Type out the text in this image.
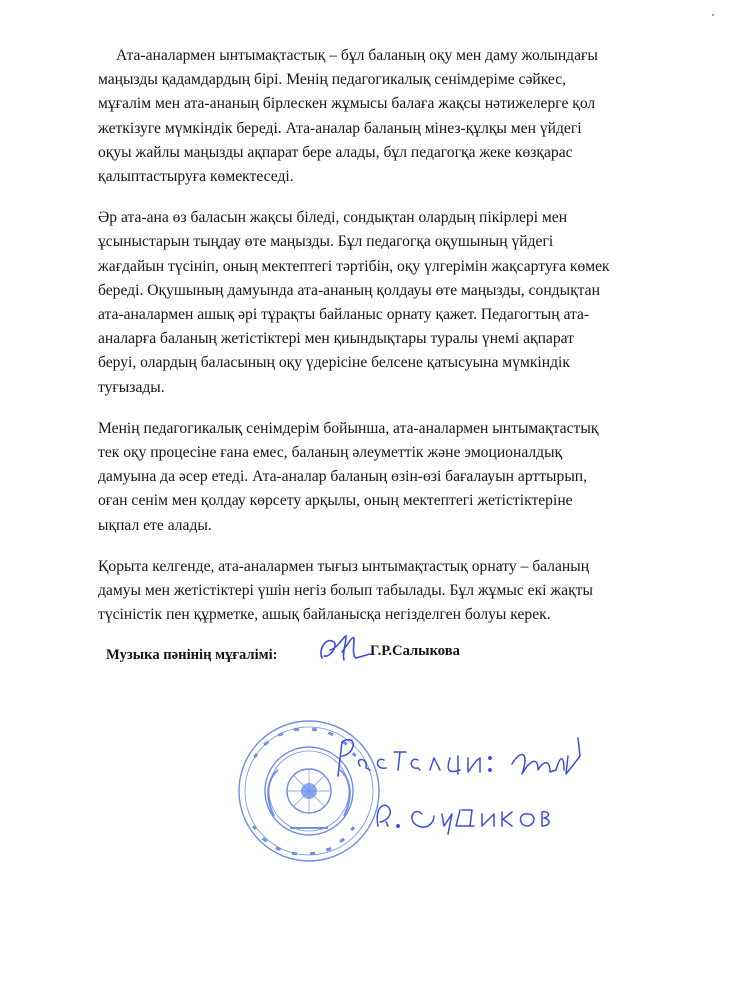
Ата-аналармен ынтымақтастық – бұл баланың оқу мен даму жолындағы
маңызды қадамдардың бірі. Менің педагогикалық сенімдеріме сәйкес,
мұғалім мен ата-ананың бірлескен жұмысы балаға жақсы нәтижелерге қол
жеткізуге мүмкіндік береді. Ата-аналар баланың мінез-құлқы мен үйдегі
оқуы жайлы маңызды ақпарат бере алады, бұл педагогқа жеке көзқарас
қалыптастыруға көмектеседі.

Әр ата-ана өз баласын жақсы біледі, сондықтан олардың пікірлері мен
ұсыныстарын тыңдау өте маңызды. Бұл педагогқа оқушының үйдегі
жағдайын түсініп, оның мектептегі тәртібін, оқу үлгерімін жақсартуға көмек
береді. Оқушының дамуында ата-ананың қолдауы өте маңызды, сондықтан
ата-аналармен ашық әрі тұрақты байланыс орнату қажет. Педагогтың ата-
аналарға баланың жетістіктері мен қиындықтары туралы үнемі ақпарат
беруі, олардың баласының оқу үдерісіне белсене қатысуына мүмкіндік
туғызады.

Менің педагогикалық сенімдерім бойынша, ата-аналармен ынтымақтастық
тек оқу процесіне ғана емес, баланың әлеуметтік және эмоционалдық
дамуына да әсер етеді. Ата-аналар баланың өзін-өзі бағалауын арттырып,
оған сенім мен қолдау көрсету арқылы, оның мектептегі жетістіктеріне
ықпал ете алады.

Қорыта келгенде, ата-аналармен тығыз ынтымақтастық орнату – баланың
дамуы мен жетістіктері үшін негіз болып табылады. Бұл жұмыс екі жақты
түсіністік пен құрметке, ашық байланысқа негізделген болуы керек.

Музыка пәнінің мұғалімі:	Г.Р.Салыкова
